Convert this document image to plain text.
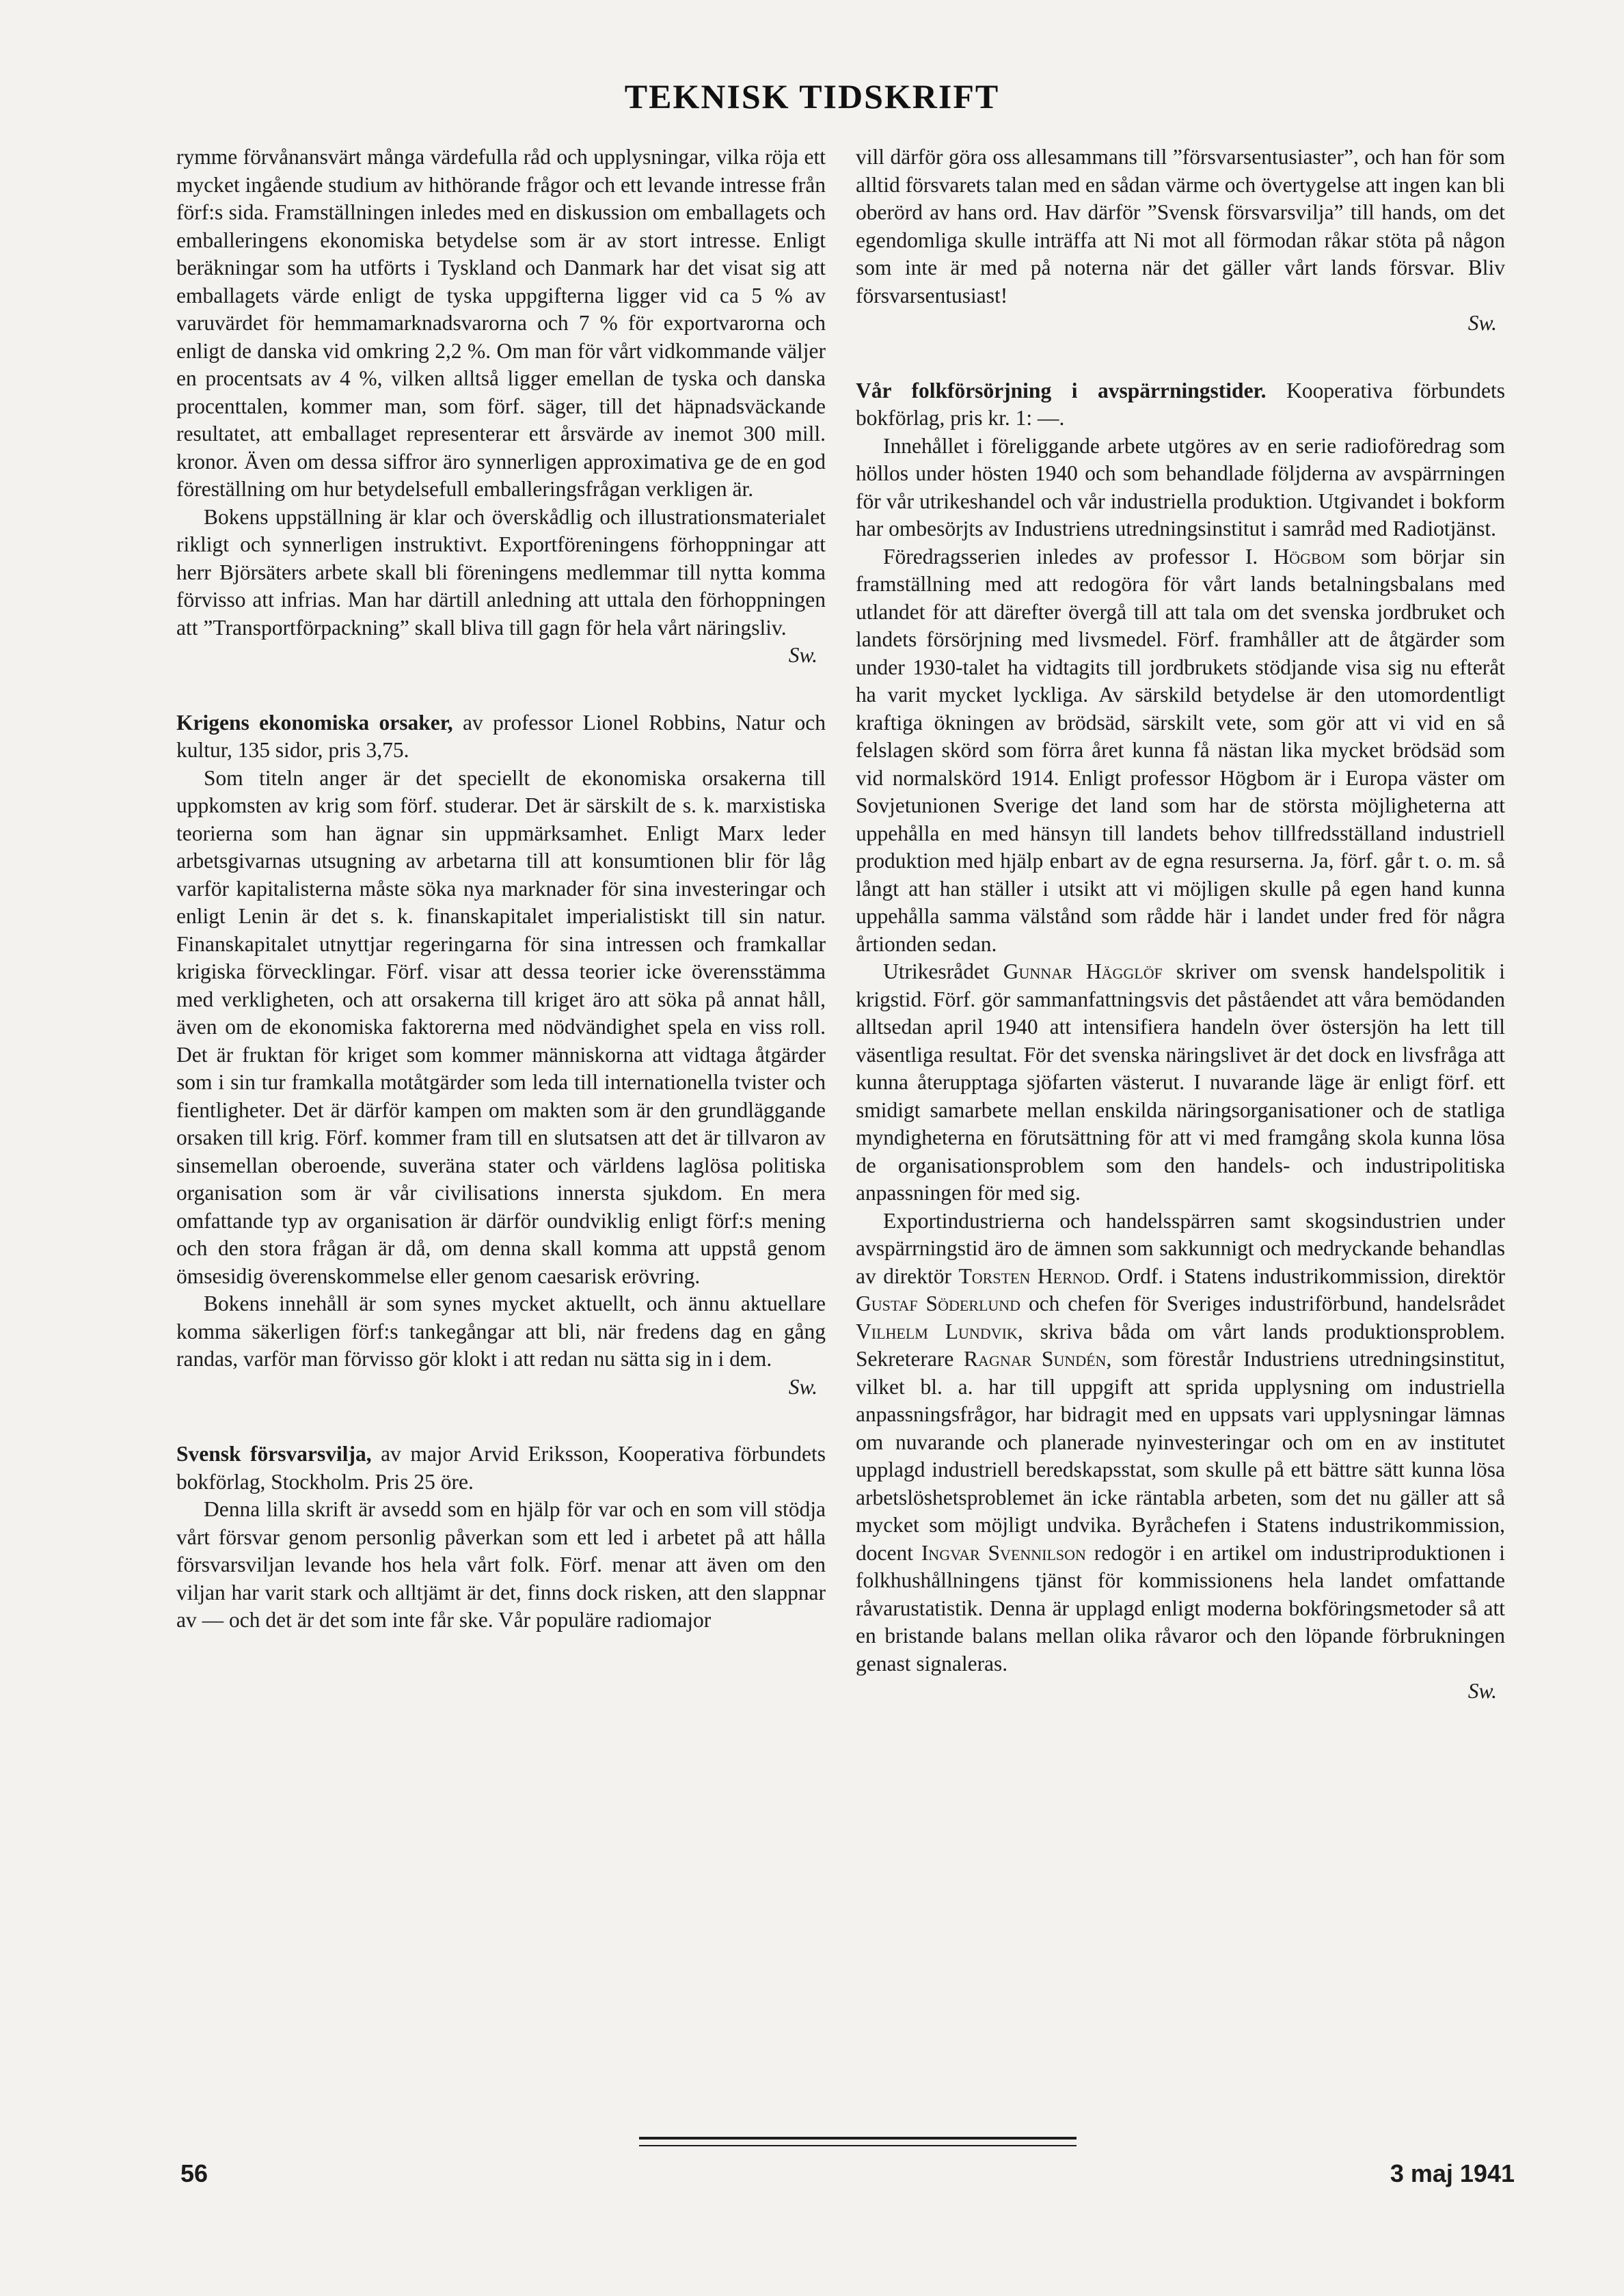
TEKNISK TIDSKRIFT

rymme förvånansvärt många värdefulla råd och upplysningar, vilka röja ett mycket ingående studium av hithörande frågor och ett levande intresse från förf:s sida. Framställningen inledes med en diskussion om emballagets och emballeringens ekonomiska betydelse som är av stort intresse. Enligt beräkningar som ha utförts i Tyskland och Danmark har det visat sig att emballagets värde enligt de tyska uppgifterna ligger vid ca 5 % av varuvärdet för hemmamarknadsvarorna och 7 % för exportvarorna och enligt de danska vid omkring 2,2 %. Om man för vårt vidkommande väljer en procentsats av 4 %, vilken alltså ligger emellan de tyska och danska procenttalen, kommer man, som förf. säger, till det häpnadsväckande resultatet, att emballaget representerar ett årsvärde av inemot 300 mill. kronor. Även om dessa siffror äro synnerligen approximativa ge de en god föreställning om hur betydelsefull emballeringsfrågan verkligen är.

Bokens uppställning är klar och överskådlig och illustrationsmaterialet rikligt och synnerligen instruktivt. Exportföreningens förhoppningar att herr Björsäters arbete skall bli föreningens medlemmar till nytta komma förvisso att infrias. Man har därtill anledning att uttala den förhoppningen att ”Transportförpackning” skall bliva till gagn för hela vårt näringsliv.

Sw.

Krigens ekonomiska orsaker, av professor Lionel Robbins, Natur och kultur, 135 sidor, pris 3,75.

Som titeln anger är det speciellt de ekonomiska orsakerna till uppkomsten av krig som förf. studerar. Det är särskilt de s. k. marxistiska teorierna som han ägnar sin uppmärksamhet. Enligt Marx leder arbetsgivarnas utsugning av arbetarna till att konsumtionen blir för låg varför kapitalisterna måste söka nya marknader för sina investeringar och enligt Lenin är det s. k. finanskapitalet imperialistiskt till sin natur. Finanskapitalet utnyttjar regeringarna för sina intressen och framkallar krigiska förvecklingar. Förf. visar att dessa teorier icke överensstämma med verkligheten, och att orsakerna till kriget äro att söka på annat håll, även om de ekonomiska faktorerna med nödvändighet spela en viss roll. Det är fruktan för kriget som kommer människorna att vidtaga åtgärder som i sin tur framkalla motåtgärder som leda till internationella tvister och fientligheter. Det är därför kampen om makten som är den grundläggande orsaken till krig. Förf. kommer fram till en slutsatsen att det är tillvaron av sinsemellan oberoende, suveräna stater och världens laglösa politiska organisation som är vår civilisations innersta sjukdom. En mera omfattande typ av organisation är därför oundviklig enligt förf:s mening och den stora frågan är då, om denna skall komma att uppstå genom ömsesidig överenskommelse eller genom caesarisk erövring.

Bokens innehåll är som synes mycket aktuellt, och ännu aktuellare komma säkerligen förf:s tankegångar att bli, när fredens dag en gång randas, varför man förvisso gör klokt i att redan nu sätta sig in i dem.

Sw.

Svensk försvarsvilja, av major Arvid Eriksson, Kooperativa förbundets bokförlag, Stockholm. Pris 25 öre.

Denna lilla skrift är avsedd som en hjälp för var och en som vill stödja vårt försvar genom personlig påverkan som ett led i arbetet på att hålla försvarsviljan levande hos hela vårt folk. Förf. menar att även om den viljan har varit stark och alltjämt är det, finns dock risken, att den slappnar av — och det är det som inte får ske. Vår populäre radiomajor

vill därför göra oss allesammans till ”försvarsentusiaster”, och han för som alltid försvarets talan med en sådan värme och övertygelse att ingen kan bli oberörd av hans ord. Hav därför ”Svensk försvarsvilja” till hands, om det egendomliga skulle inträffa att Ni mot all förmodan råkar stöta på någon som inte är med på noterna när det gäller vårt lands försvar. Bliv försvarsentusiast!

Sw.

Vår folkförsörjning i avspärrningstider. Kooperativa förbundets bokförlag, pris kr. 1: —.

Innehållet i föreliggande arbete utgöres av en serie radioföredrag som höllos under hösten 1940 och som behandlade följderna av avspärrningen för vår utrikeshandel och vår industriella produktion. Utgivandet i bokform har ombesörjts av Industriens utredningsinstitut i samråd med Radiotjänst.

Föredragsserien inledes av professor I. Högbom som börjar sin framställning med att redogöra för vårt lands betalningsbalans med utlandet för att därefter övergå till att tala om det svenska jordbruket och landets försörjning med livsmedel. Förf. framhåller att de åtgärder som under 1930-talet ha vidtagits till jordbrukets stödjande visa sig nu efteråt ha varit mycket lyckliga. Av särskild betydelse är den utomordentligt kraftiga ökningen av brödsäd, särskilt vete, som gör att vi vid en så felslagen skörd som förra året kunna få nästan lika mycket brödsäd som vid normalskörd 1914. Enligt professor Högbom är i Europa väster om Sovjetunionen Sverige det land som har de största möjligheterna att uppehålla en med hänsyn till landets behov tillfredsställand industriell produktion med hjälp enbart av de egna resurserna. Ja, förf. går t. o. m. så långt att han ställer i utsikt att vi möjligen skulle på egen hand kunna uppehålla samma välstånd som rådde här i landet under fred för några årtionden sedan.

Utrikesrådet Gunnar Hägglöf skriver om svensk handelspolitik i krigstid. Förf. gör sammanfattningsvis det påståendet att våra bemödanden alltsedan april 1940 att intensifiera handeln över östersjön ha lett till väsentliga resultat. För det svenska näringslivet är det dock en livsfråga att kunna återupptaga sjöfarten västerut. I nuvarande läge är enligt förf. ett smidigt samarbete mellan enskilda näringsorganisationer och de statliga myndigheterna en förutsättning för att vi med framgång skola kunna lösa de organisationsproblem som den handels- och industripolitiska anpassningen för med sig.

Exportindustrierna och handelsspärren samt skogsindustrien under avspärrningstid äro de ämnen som sakkunnigt och medryckande behandlas av direktör Torsten Hernod. Ordf. i Statens industrikommission, direktör Gustaf Söderlund och chefen för Sveriges industriförbund, handelsrådet Vilhelm Lundvik, skriva båda om vårt lands produktionsproblem. Sekreterare Ragnar Sundén, som förestår Industriens utredningsinstitut, vilket bl. a. har till uppgift att sprida upplysning om industriella anpassningsfrågor, har bidragit med en uppsats vari upplysningar lämnas om nuvarande och planerade nyinvesteringar och om en av institutet upplagd industriell beredskapsstat, som skulle på ett bättre sätt kunna lösa arbetslöshetsproblemet än icke räntabla arbeten, som det nu gäller att så mycket som möjligt undvika. Byråchefen i Statens industrikommission, docent Ingvar Svennilson redogör i en artikel om industriproduktionen i folkhushållningens tjänst för kommissionens hela landet omfattande råvarustatistik. Denna är upplagd enligt moderna bokföringsmetoder så att en bristande balans mellan olika råvaror och den löpande förbrukningen genast signaleras.

Sw.
56	3 maj 1941
